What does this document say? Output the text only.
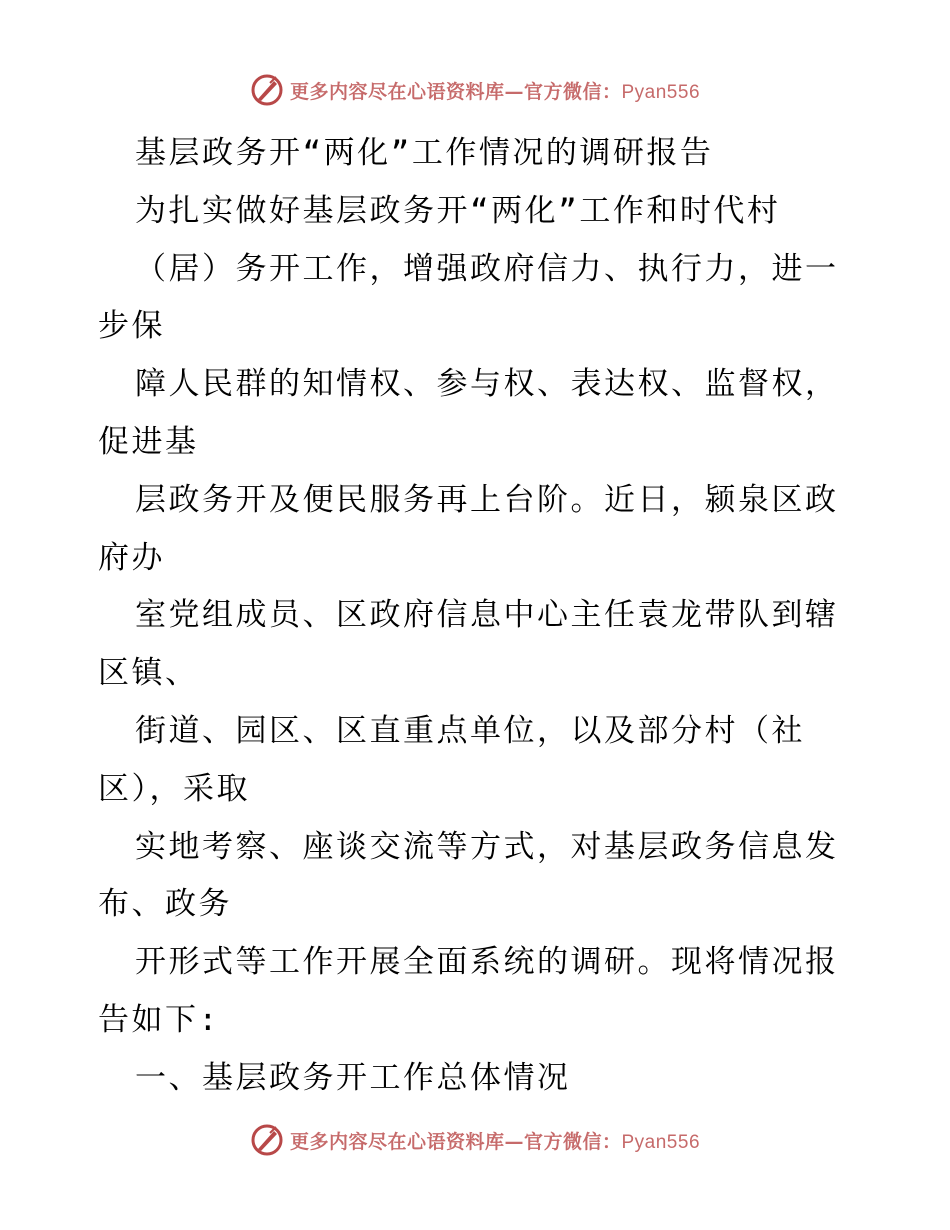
更多内容尽在心语资料库—官方微信：Pyan556
基层政务开“两化”工作情况的调研报告
为扎实做好基层政务开“两化”工作和时代村
（居）务开工作，增强政府信力、执行力，进一
步保
障人民群的知情权、参与权、表达权、监督权，
促进基
层政务开及便民服务再上台阶。近日，颍泉区政
府办
室党组成员、区政府信息中心主任袁龙带队到辖
区镇、
街道、园区、区直重点单位，以及部分村（社
区），采取
实地考察、座谈交流等方式，对基层政务信息发
布、政务
开形式等工作开展全面系统的调研。现将情况报
告如下:
一、基层政务开工作总体情况
更多内容尽在心语资料库—官方微信：Pyan556
